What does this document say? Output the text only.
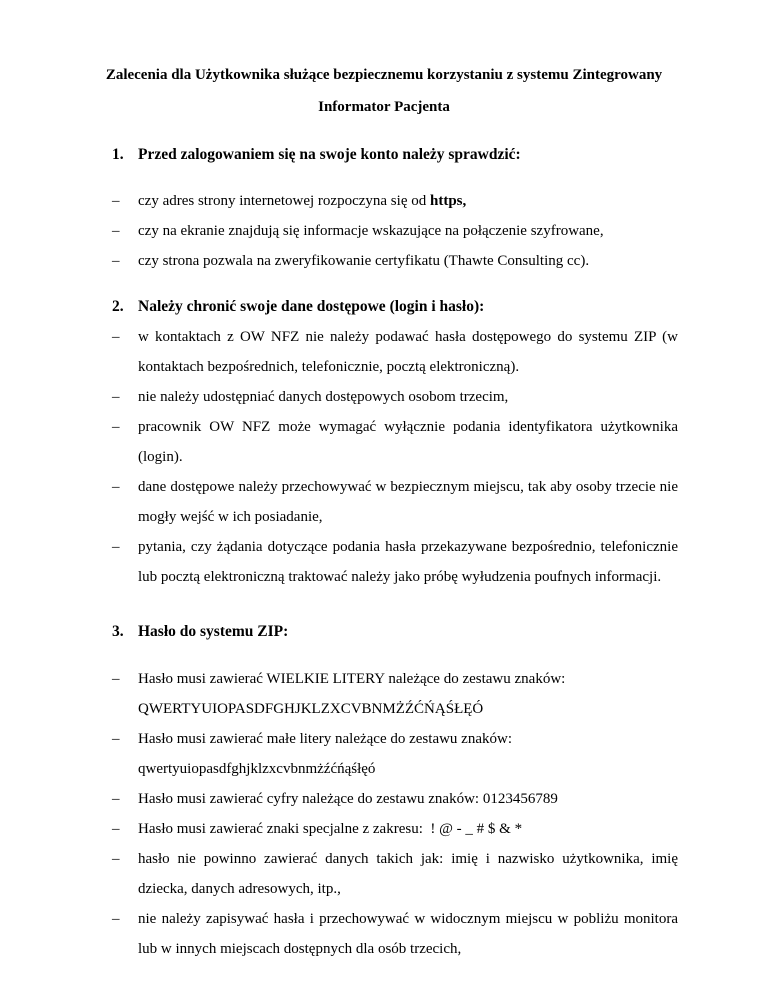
Zalecenia dla Użytkownika służące bezpiecznemu korzystaniu z systemu Zintegrowany
Informator Pacjenta
1. Przed zalogowaniem się na swoje konto należy sprawdzić:
– czy adres strony internetowej rozpoczyna się od https,
– czy na ekranie znajdują się informacje wskazujące na połączenie szyfrowane,
– czy strona pozwala na zweryfikowanie certyfikatu (Thawte Consulting cc).
2. Należy chronić swoje dane dostępowe (login i hasło):
– w kontaktach z OW NFZ nie należy podawać hasła dostępowego do systemu ZIP (w kontaktach bezpośrednich, telefonicznie, pocztą elektroniczną).
– nie należy udostępniać danych dostępowych osobom trzecim,
– pracownik OW NFZ może wymagać wyłącznie podania identyfikatora użytkownika (login).
– dane dostępowe należy przechowywać w bezpiecznym miejscu, tak aby osoby trzecie nie mogły wejść w ich posiadanie,
– pytania, czy żądania dotyczące podania hasła przekazywane bezpośrednio, telefonicznie lub pocztą elektroniczną traktować należy jako próbę wyłudzenia poufnych informacji.
3. Hasło do systemu ZIP:
– Hasło musi zawierać WIELKIE LITERY należące do zestawu znaków:
QWERTYUIOPASDFGHJKLZXCVBNMŻŹĆŃĄŚŁĘÓ
– Hasło musi zawierać małe litery należące do zestawu znaków:
qwertyuiopasdfghjklzxcvbnmżźćńąśłęó
– Hasło musi zawierać cyfry należące do zestawu znaków: 0123456789
– Hasło musi zawierać znaki specjalne z zakresu:  ! @ - _ # $ & *
– hasło nie powinno zawierać danych takich jak: imię i nazwisko użytkownika, imię dziecka, danych adresowych, itp.,
– nie należy zapisywać hasła i przechowywać w widocznym miejscu w pobliżu monitora lub w innych miejscach dostępnych dla osób trzecich,
